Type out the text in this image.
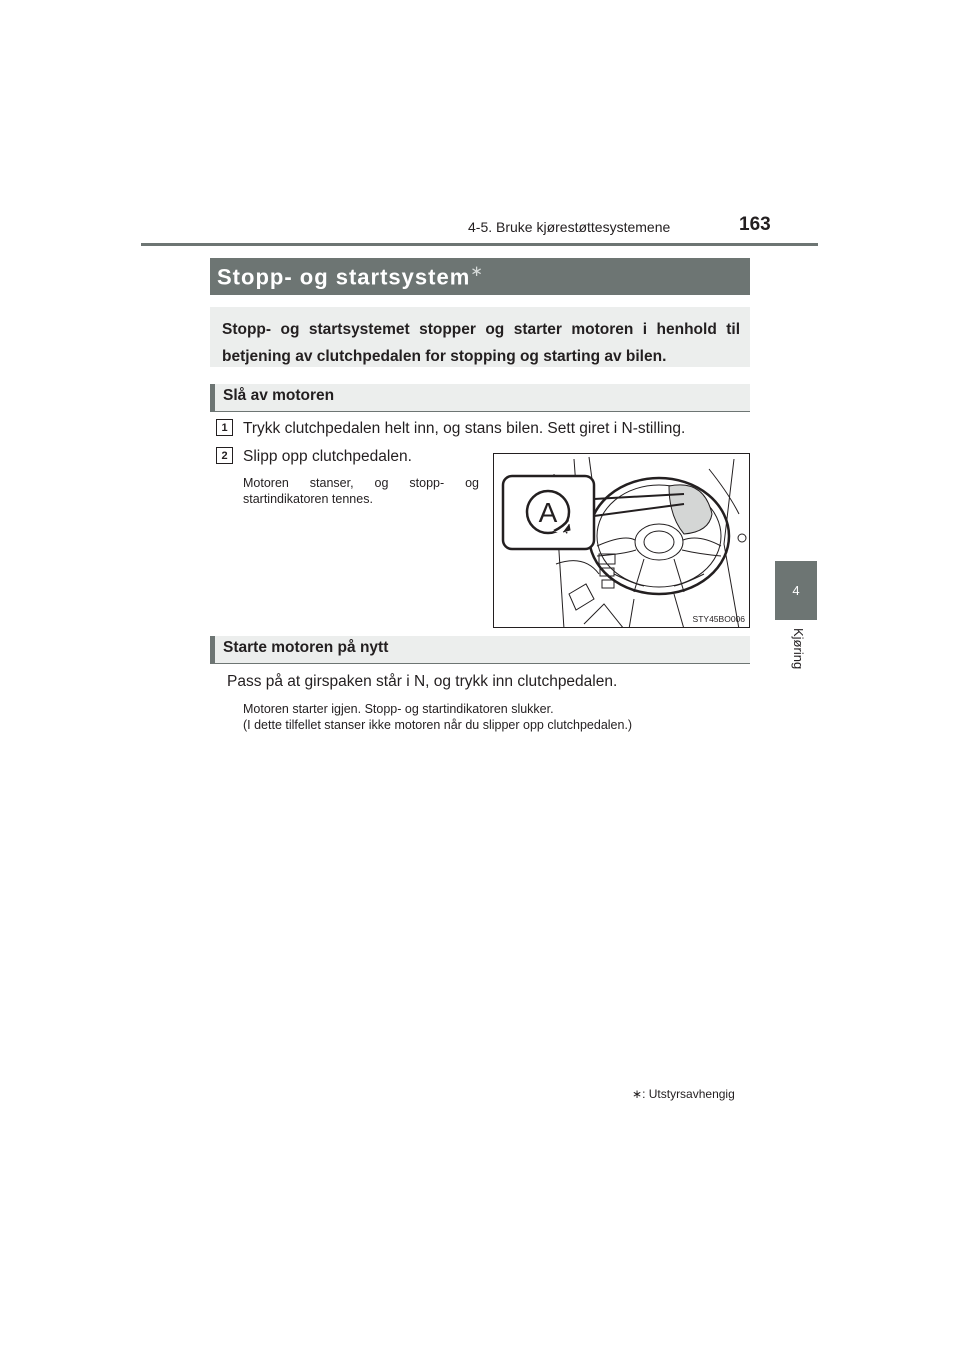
4-5. Bruke kjørestøttesystemene	163
4
Kjøring
Stopp- og startsystem∗
Stopp- og startsystemet stopper og starter motoren i henhold til betjening av clutchpedalen for stopping og starting av bilen.
Slå av motoren
1 Trykk clutchpedalen helt inn, og stans bilen. Sett giret i N-stilling.
2 Slipp opp clutchpedalen.
Motoren stanser, og stopp- og startindikatoren tennes.	A
STY45BO006
Starte motoren på nytt
Pass på at girspaken står i N, og trykk inn clutchpedalen.
Motoren starter igjen. Stopp- og startindikatoren slukker.
(I dette tilfellet stanser ikke motoren når du slipper opp clutchpedalen.)
∗: Utstyrsavhengig
